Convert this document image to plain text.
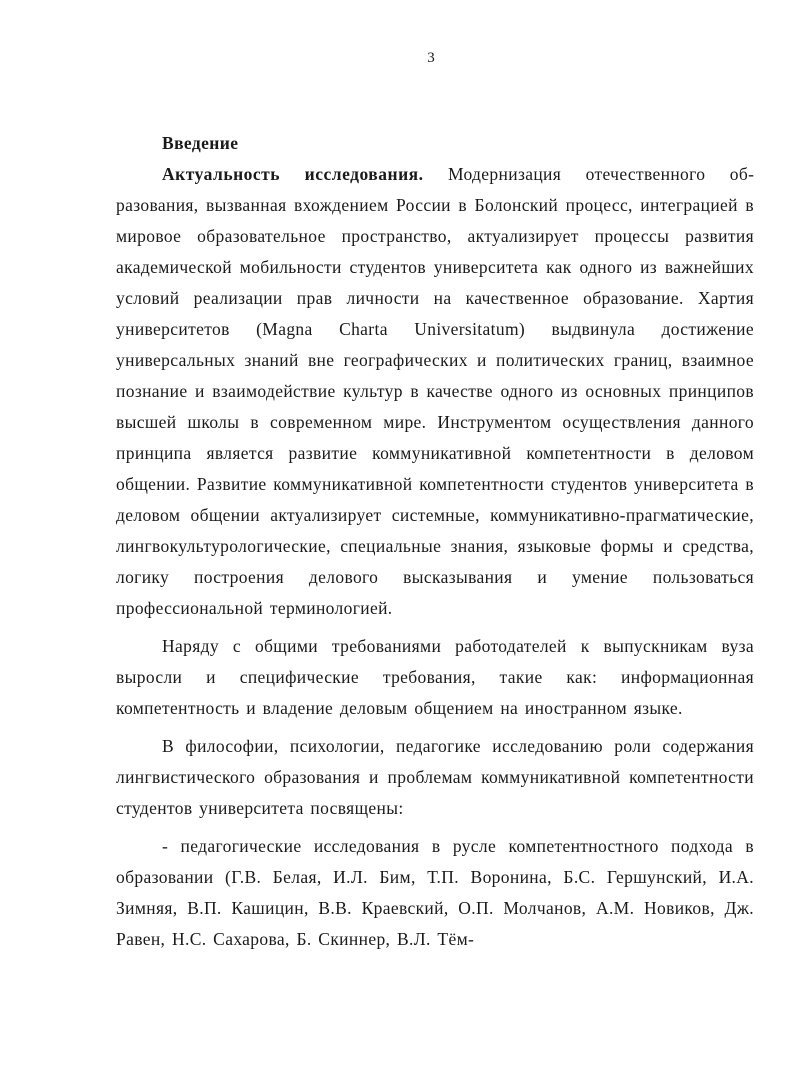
3
Введение

Актуальность исследования. Модернизация отечественного образования, вызванная вхождением России в Болонский процесс, интеграцией в мировое образовательное пространство, актуализирует процессы развития академической мобильности студентов университета как одного из важнейших условий реализации прав личности на качественное образование. Хартия университетов (Magna Charta Universitatum) выдвинула достижение универсальных знаний вне географических и политических границ, взаимное познание и взаимодействие культур в качестве одного из основных принципов высшей школы в современном мире. Инструментом осуществления данного принципа является развитие коммуникативной компетентности в деловом общении. Развитие коммуникативной компетентности студентов университета в деловом общении актуализирует системные, коммуникативно-прагматические, лингвокультурологические, специальные знания, языковые формы и средства, логику построения делового высказывания и умение пользоваться профессиональной терминологией.

Наряду с общими требованиями работодателей к выпускникам вуза выросли и специфические требования, такие как: информационная компетентность и владение деловым общением на иностранном языке.

В философии, психологии, педагогике исследованию роли содержания лингвистического образования и проблемам коммуникативной компетентности студентов университета посвящены:

- педагогические исследования в русле компетентностного подхода в образовании (Г.В. Белая, И.Л. Бим, Т.П. Воронина, Б.С. Гершунский, И.А. Зимняя, В.П. Кашицин, В.В. Краевский, О.П. Молчанов, А.М. Новиков, Дж. Равен, Н.С. Сахарова, Б. Скиннер, В.Л. Тём-
